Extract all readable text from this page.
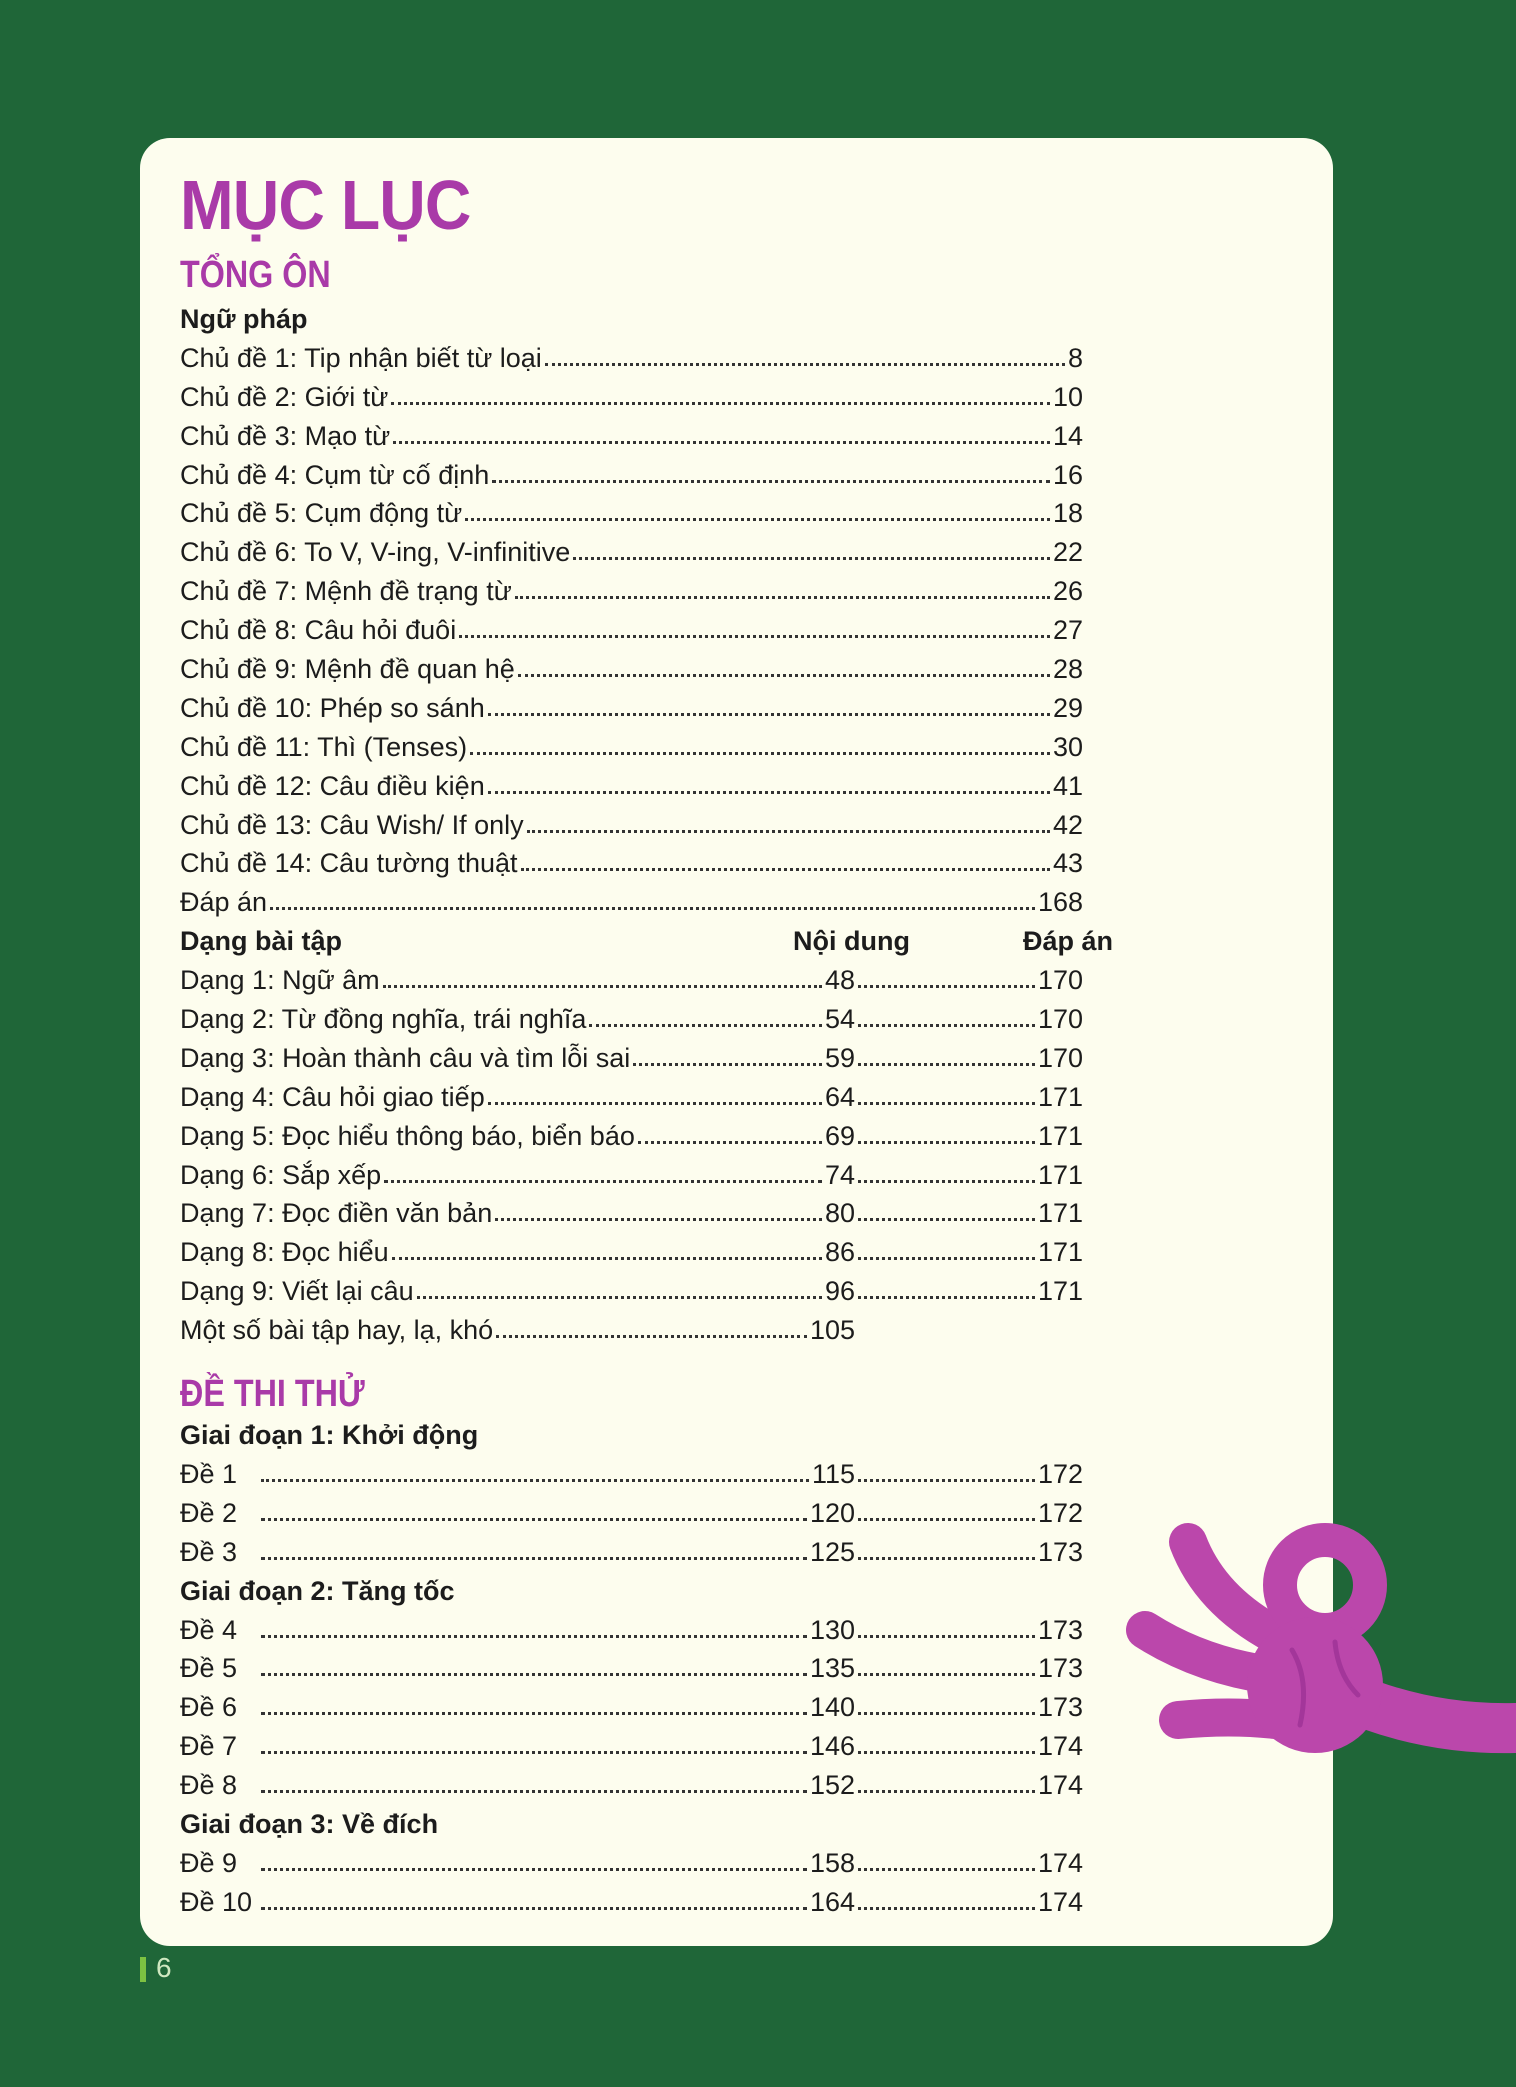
MỤC LỤC
TỔNG ÔN
Ngữ pháp
Chủ đề 1: Tip nhận biết từ loại	8
Chủ đề 2: Giới từ	10
Chủ đề 3: Mạo từ	14
Chủ đề 4: Cụm từ cố định	16
Chủ đề 5: Cụm động từ	18
Chủ đề 6: To V, V-ing, V-infinitive	22
Chủ đề 7: Mệnh đề trạng từ	26
Chủ đề 8: Câu hỏi đuôi	27
Chủ đề 9: Mệnh đề quan hệ	28
Chủ đề 10: Phép so sánh	29
Chủ đề 11: Thì (Tenses)	30
Chủ đề 12: Câu điều kiện	41
Chủ đề 13: Câu Wish/ If only	42
Chủ đề 14: Câu tường thuật	43
Đáp án	168
Dạng bài tập	Nội dung	Đáp án
Dạng 1: Ngữ âm	48	170
Dạng 2: Từ đồng nghĩa, trái nghĩa	54	170
Dạng 3: Hoàn thành câu và tìm lỗi sai	59	170
Dạng 4: Câu hỏi giao tiếp	64	171
Dạng 5: Đọc hiểu thông báo, biển báo	69	171
Dạng 6: Sắp xếp	74	171
Dạng 7: Đọc điền văn bản	80	171
Dạng 8: Đọc hiểu	86	171
Dạng 9: Viết lại câu	96	171
Một số bài tập hay, lạ, khó	105
ĐỀ THI THỬ
Giai đoạn 1: Khởi động
Đề 1	115	172
Đề 2	120	172
Đề 3	125	173
Giai đoạn 2: Tăng tốc
Đề 4	130	173
Đề 5	135	173
Đề 6	140	173
Đề 7	146	174
Đề 8	152	174
Giai đoạn 3: Về đích
Đề 9	158	174
Đề 10	164	174
6
